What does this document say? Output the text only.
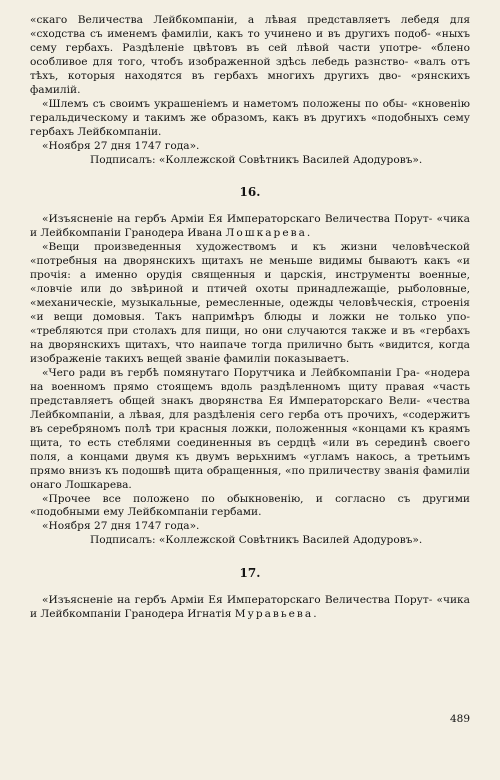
«скаго Величества Лейбкомпаніи, а лѣвая представляетъ лебедя для «сходства съ именемъ фамиліи, какъ то учинено и въ другихъ подоб- «ныхъ сему гербахъ. Раздѣленіе цвѣтовъ въ сей лѣвой части употре- «блено особливое для того, чтобъ изображенной здѣсь лебедь разнство- «валъ отъ тѣхъ, которыя находятся въ гербахъ многихъ другихъ дво- «рянскихъ фамилій.

«Шлемъ съ своимъ украшеніемъ и наметомъ положены по обы- «кновенію геральдическому и такимъ же образомъ, какъ въ другихъ «подобныхъ сему гербахъ Лейбкомпаніи.

«Ноября 27 дня 1747 года».

Подписалъ: «Коллежской Совѣтникъ Василей Адодуровъ».

16.

«Изъясненіе на гербъ Арміи Ея Императорскаго Величества Порут- «чика и Лейбкомпаніи Гранодера Ивана Лошкарева.

«Вещи произведенныя художествомъ и къ жизни человѣческой «потребныя на дворянскихъ щитахъ не меньше видимы бываютъ какъ «и прочія: а именно орудія священныя и царскія, инструменты военные, «ловчіе или до звѣриной и птичей охоты принадлежащіе, рыболовные, «механическіе, музыкальные, ремесленные, одежды человѣческія, строенія «и вещи домовыя. Такъ напримѣръ блюды и ложки не только упо- «требляются при столахъ для пищи, но они случаются также и въ «гербахъ на дворянскихъ щитахъ, что наипаче тогда прилично быть «видится, когда изображеніе такихъ вещей званіе фамиліи показываетъ.

«Чего ради въ гербѣ помянутаго Порутчика и Лейбкомпаніи Гра- «нодера на военномъ прямо стоящемъ вдоль раздѣленномъ щиту правая «часть представляетъ общей знакъ дворянства Ея Императорскаго Вели- «чества Лейбкомпаніи, а лѣвая, для раздѣленія сего герба отъ прочихъ, «содержитъ въ серебряномъ полѣ три красныя ложки, положенныя «концами къ краямъ щита, то есть стеблями соединенныя въ сердцѣ «или въ серединѣ своего поля, а концами двумя къ двумъ верьхнимъ «угламъ накось, а третьимъ прямо внизъ къ подошвѣ щита обращенныя, «по приличеству званія фамиліи онаго Лошкарева.

«Прочее все положено по обыкновенію, и согласно съ другими «подобными ему Лейбкомпаніи гербами.

«Ноября 27 дня 1747 года».

Подписалъ: «Коллежской Совѣтникъ Василей Адодуровъ».

17.

«Изъясненіе на гербъ Арміи Ея Императорскаго Величества Порут- «чика и Лейбкомпаніи Гранодера Игнатія Муравьева.

489
